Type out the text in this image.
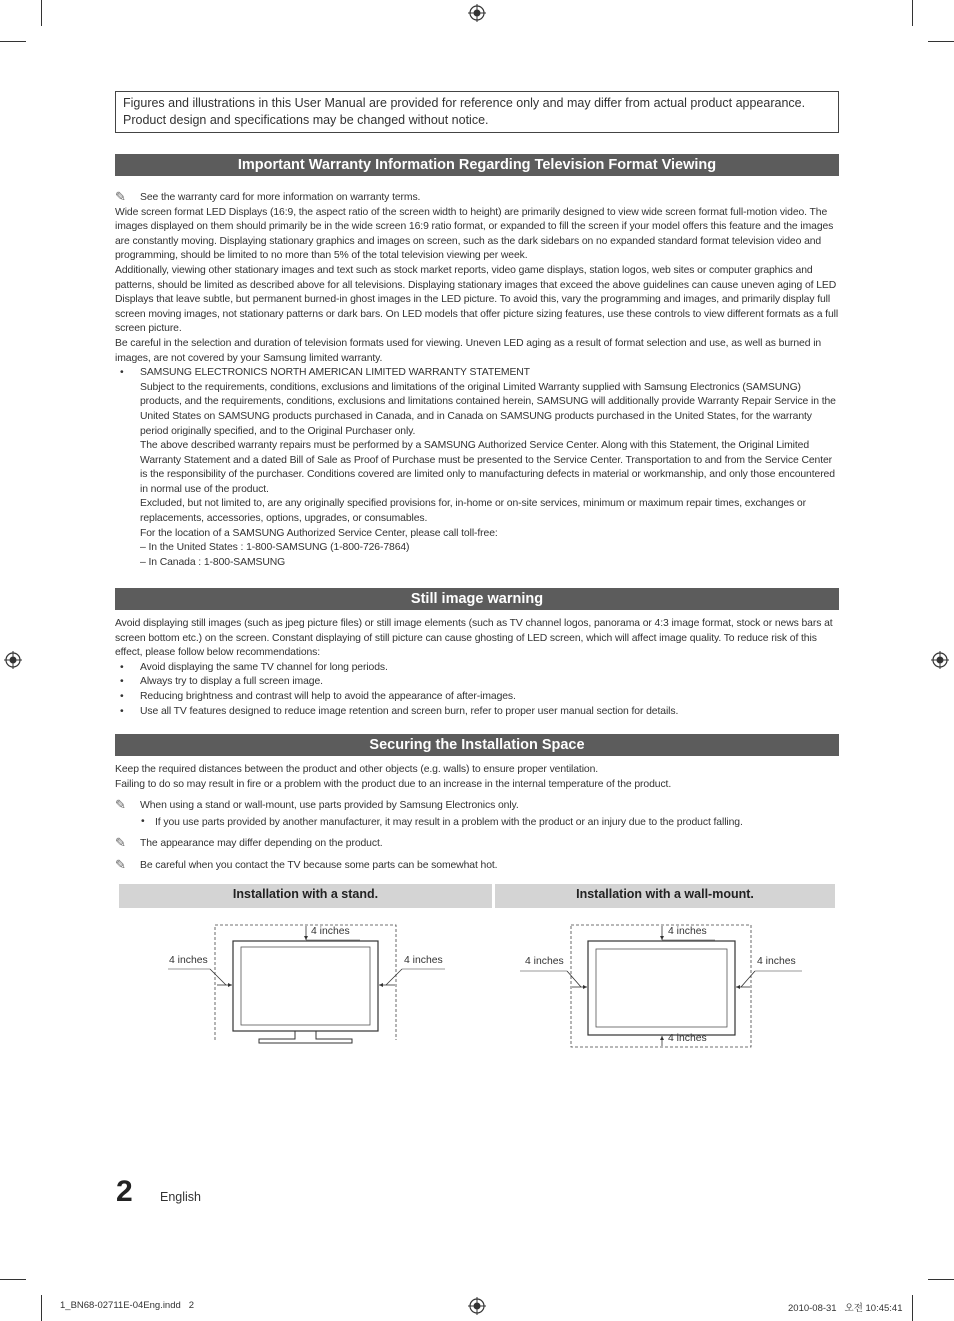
Figures and illustrations in this User Manual are provided for reference only and may differ from actual product appearance.
Product design and specifications may be changed without notice.
Important Warranty Information Regarding Television Format Viewing

✎ See the warranty card for more information on warranty terms.

Wide screen format LED Displays (16:9, the aspect ratio of the screen width to height) are primarily designed to view wide screen format full-motion video. The images displayed on them should primarily be in the wide screen 16:9 ratio format, or expanded to fill the screen if your model offers this feature and the images are constantly moving. Displaying stationary graphics and images on screen, such as the dark sidebars on no expanded standard format television video and programming, should be limited to no more than 5% of the total television viewing per week.

Additionally, viewing other stationary images and text such as stock market reports, video game displays, station logos, web sites or computer graphics and patterns, should be limited as described above for all televisions. Displaying stationary images that exceed the above guidelines can cause uneven aging of LED Displays that leave subtle, but permanent burned-in ghost images in the LED picture. To avoid this, vary the programming and images, and primarily display full screen moving images, not stationary patterns or dark bars. On LED models that offer picture sizing features, use these controls to view different formats as a full screen picture.

Be careful in the selection and duration of television formats used for viewing. Uneven LED aging as a result of format selection and use, as well as burned in images, are not covered by your Samsung limited warranty.

• SAMSUNG ELECTRONICS NORTH AMERICAN LIMITED WARRANTY STATEMENT

Subject to the requirements, conditions, exclusions and limitations of the original Limited Warranty supplied with Samsung Electronics (SAMSUNG) products, and the requirements, conditions, exclusions and limitations contained herein, SAMSUNG will additionally provide Warranty Repair Service in the United States on SAMSUNG products purchased in Canada, and in Canada on SAMSUNG products purchased in the United States, for the warranty period originally specified, and to the Original Purchaser only.

The above described warranty repairs must be performed by a SAMSUNG Authorized Service Center. Along with this Statement, the Original Limited Warranty Statement and a dated Bill of Sale as Proof of Purchase must be presented to the Service Center. Transportation to and from the Service Center is the responsibility of the purchaser. Conditions covered are limited only to manufacturing defects in material or workmanship, and only those encountered in normal use of the product.

Excluded, but not limited to, are any originally specified provisions for, in-home or on-site services, minimum or maximum repair times, exchanges or replacements, accessories, options, upgrades, or consumables.

For the location of a SAMSUNG Authorized Service Center, please call toll-free:

– In the United States : 1-800-SAMSUNG (1-800-726-7864)

– In Canada : 1-800-SAMSUNG

Still image warning

Avoid displaying still images (such as jpeg picture files) or still image elements (such as TV channel logos, panorama or 4:3 image format, stock or news bars at screen bottom etc.) on the screen. Constant displaying of still picture can cause ghosting of LED screen, which will affect image quality. To reduce risk of this effect, please follow below recommendations:

• Avoid displaying the same TV channel for long periods.

• Always try to display a full screen image.

• Reducing brightness and contrast will help to avoid the appearance of after-images.

• Use all TV features designed to reduce image retention and screen burn, refer to proper user manual section for details.

Securing the Installation Space

Keep the required distances between the product and other objects (e.g. walls) to ensure proper ventilation.

Failing to do so may result in fire or a problem with the product due to an increase in the internal temperature of the product.

✎ When using a stand or wall-mount, use parts provided by Samsung Electronics only.

• If you use parts provided by another manufacturer, it may result in a problem with the product or an injury due to the product falling.

✎ The appearance may differ depending on the product.

✎ Be careful when you contact the TV because some parts can be somewhat hot.

Installation with a stand.	Installation with a wall-mount.
4 inches
4 inches	4 inches
4 inches
4 inches	4 inches
4 inches
2 English
1_BN68-02711E-04Eng.indd   2	2010-08-31   오전 10:45:41
